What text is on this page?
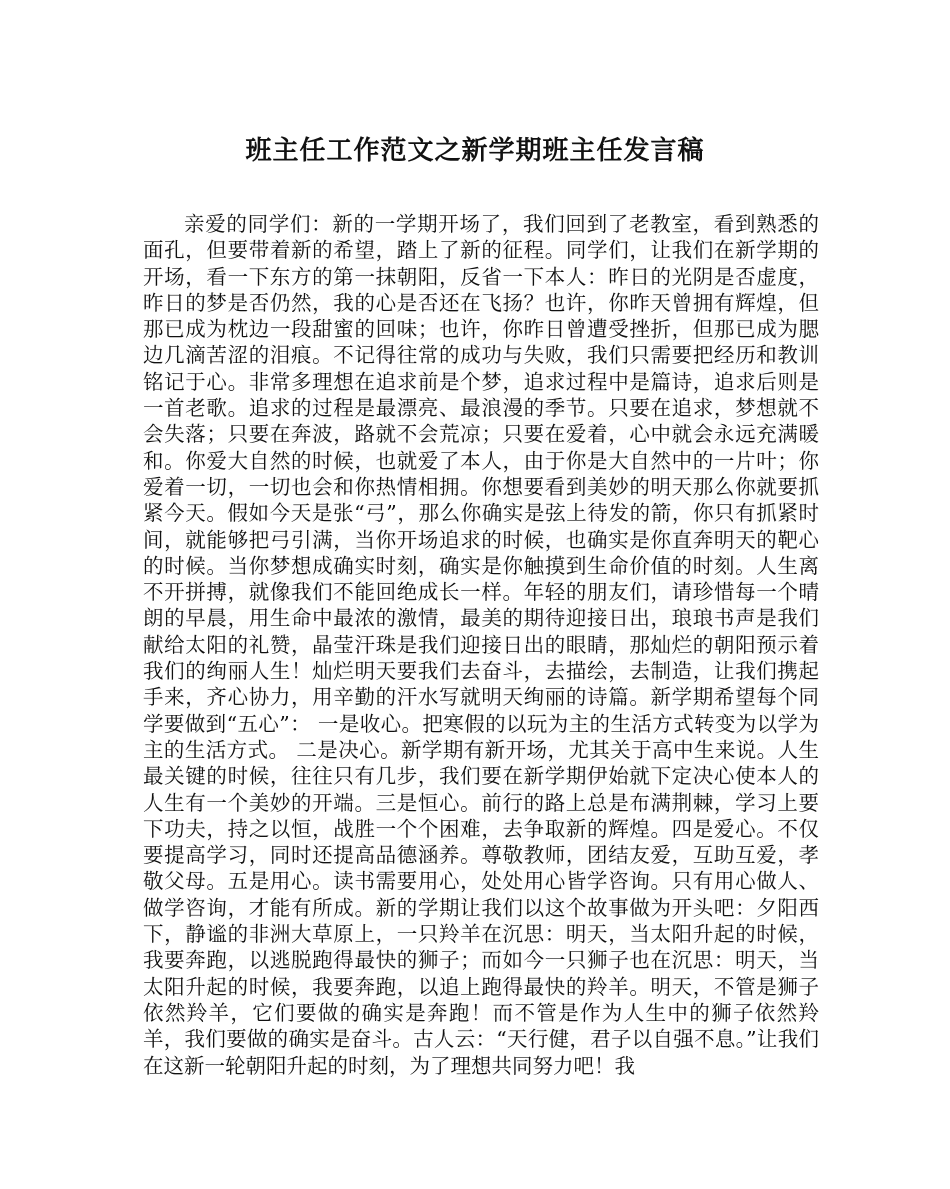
班主任工作范文之新学期班主任发言稿

亲爱的同学们：新的一学期开场了，我们回到了老教室，看到熟悉的面孔，但要带着新的希望，踏上了新的征程。同学们，让我们在新学期的开场，看一下东方的第一抹朝阳，反省一下本人：昨日的光阴是否虚度，昨日的梦是否仍然，我的心是否还在飞扬？也许，你昨天曾拥有辉煌，但那已成为枕边一段甜蜜的回味；也许，你昨日曾遭受挫折，但那已成为腮边几滴苦涩的泪痕。不记得往常的成功与失败，我们只需要把经历和教训铭记于心。非常多理想在追求前是个梦，追求过程中是篇诗，追求后则是一首老歌。追求的过程是最漂亮、最浪漫的季节。只要在追求，梦想就不会失落；只要在奔波，路就不会荒凉；只要在爱着，心中就会永远充满暖和。你爱大自然的时候，也就爱了本人，由于你是大自然中的一片叶；你爱着一切，一切也会和你热情相拥。你想要看到美妙的明天那么你就要抓紧今天。假如今天是张“弓”，那么你确实是弦上待发的箭，你只有抓紧时间，就能够把弓引满，当你开场追求的时候，也确实是你直奔明天的靶心的时候。当你梦想成确实时刻，确实是你触摸到生命价值的时刻。人生离不开拼搏，就像我们不能回绝成长一样。年轻的朋友们，请珍惜每一个晴朗的早晨，用生命中最浓的激情，最美的期待迎接日出，琅琅书声是我们献给太阳的礼赞，晶莹汗珠是我们迎接日出的眼睛，那灿烂的朝阳预示着我们的绚丽人生！灿烂明天要我们去奋斗，去描绘，去制造，让我们携起手来，齐心协力，用辛勤的汗水写就明天绚丽的诗篇。新学期希望每个同学要做到“五心”： 一是收心。把寒假的以玩为主的生活方式转变为以学为主的生活方式。 二是决心。新学期有新开场，尤其关于高中生来说。人生最关键的时候，往往只有几步，我们要在新学期伊始就下定决心使本人的人生有一个美妙的开端。三是恒心。前行的路上总是布满荆棘，学习上要下功夫，持之以恒，战胜一个个困难，去争取新的辉煌。四是爱心。不仅要提高学习，同时还提高品德涵养。尊敬教师，团结友爱，互助互爱，孝敬父母。五是用心。读书需要用心，处处用心皆学咨询。只有用心做人、做学咨询，才能有所成。新的学期让我们以这个故事做为开头吧：夕阳西下，静谧的非洲大草原上，一只羚羊在沉思：明天，当太阳升起的时候，我要奔跑，以逃脱跑得最快的狮子；而如今一只狮子也在沉思：明天，当太阳升起的时候，我要奔跑，以追上跑得最快的羚羊。明天，不管是狮子依然羚羊，它们要做的确实是奔跑！而不管是作为人生中的狮子依然羚羊，我们要做的确实是奋斗。古人云：“天行健，君子以自强不息。”让我们在这新一轮朝阳升起的时刻，为了理想共同努力吧！我
